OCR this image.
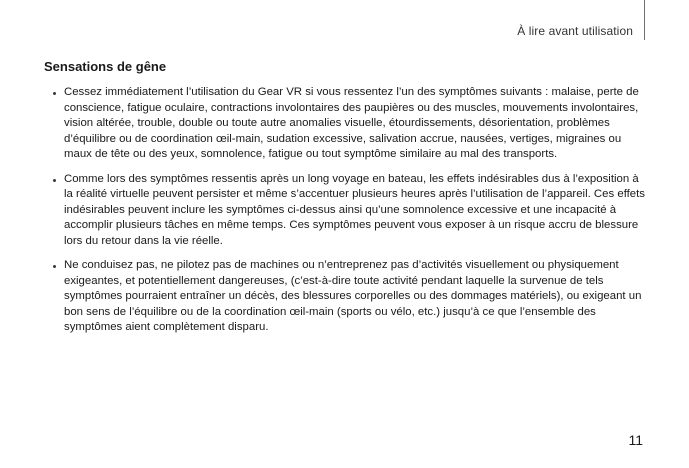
À lire avant utilisation
Sensations de gêne
Cessez immédiatement l’utilisation du Gear VR si vous ressentez l’un des symptômes suivants : malaise, perte de conscience, fatigue oculaire, contractions involontaires des paupières ou des muscles, mouvements involontaires, vision altérée, trouble, double ou toute autre anomalies visuelle, étourdissements, désorientation, problèmes d’équilibre ou de coordination œil-main, sudation excessive, salivation accrue, nausées, vertiges, migraines ou maux de tête ou des yeux, somnolence, fatigue ou tout symptôme similaire au mal des transports.
Comme lors des symptômes ressentis après un long voyage en bateau, les effets indésirables dus à l’exposition à la réalité virtuelle peuvent persister et même s’accentuer plusieurs heures après l’utilisation de l’appareil. Ces effets indésirables peuvent inclure les symptômes ci-dessus ainsi qu’une somnolence excessive et une incapacité à accomplir plusieurs tâches en même temps. Ces symptômes peuvent vous exposer à un risque accru de blessure lors du retour dans la vie réelle.
Ne conduisez pas, ne pilotez pas de machines ou n’entreprenez pas d’activités visuellement ou physiquement exigeantes, et potentiellement dangereuses, (c’est-à-dire toute activité pendant laquelle la survenue de tels symptômes pourraient entraîner un décès, des blessures corporelles ou des dommages matériels), ou exigeant un bon sens de l’équilibre ou de la coordination œil-main (sports ou vélo, etc.) jusqu’à ce que l’ensemble des symptômes aient complètement disparu.
11
